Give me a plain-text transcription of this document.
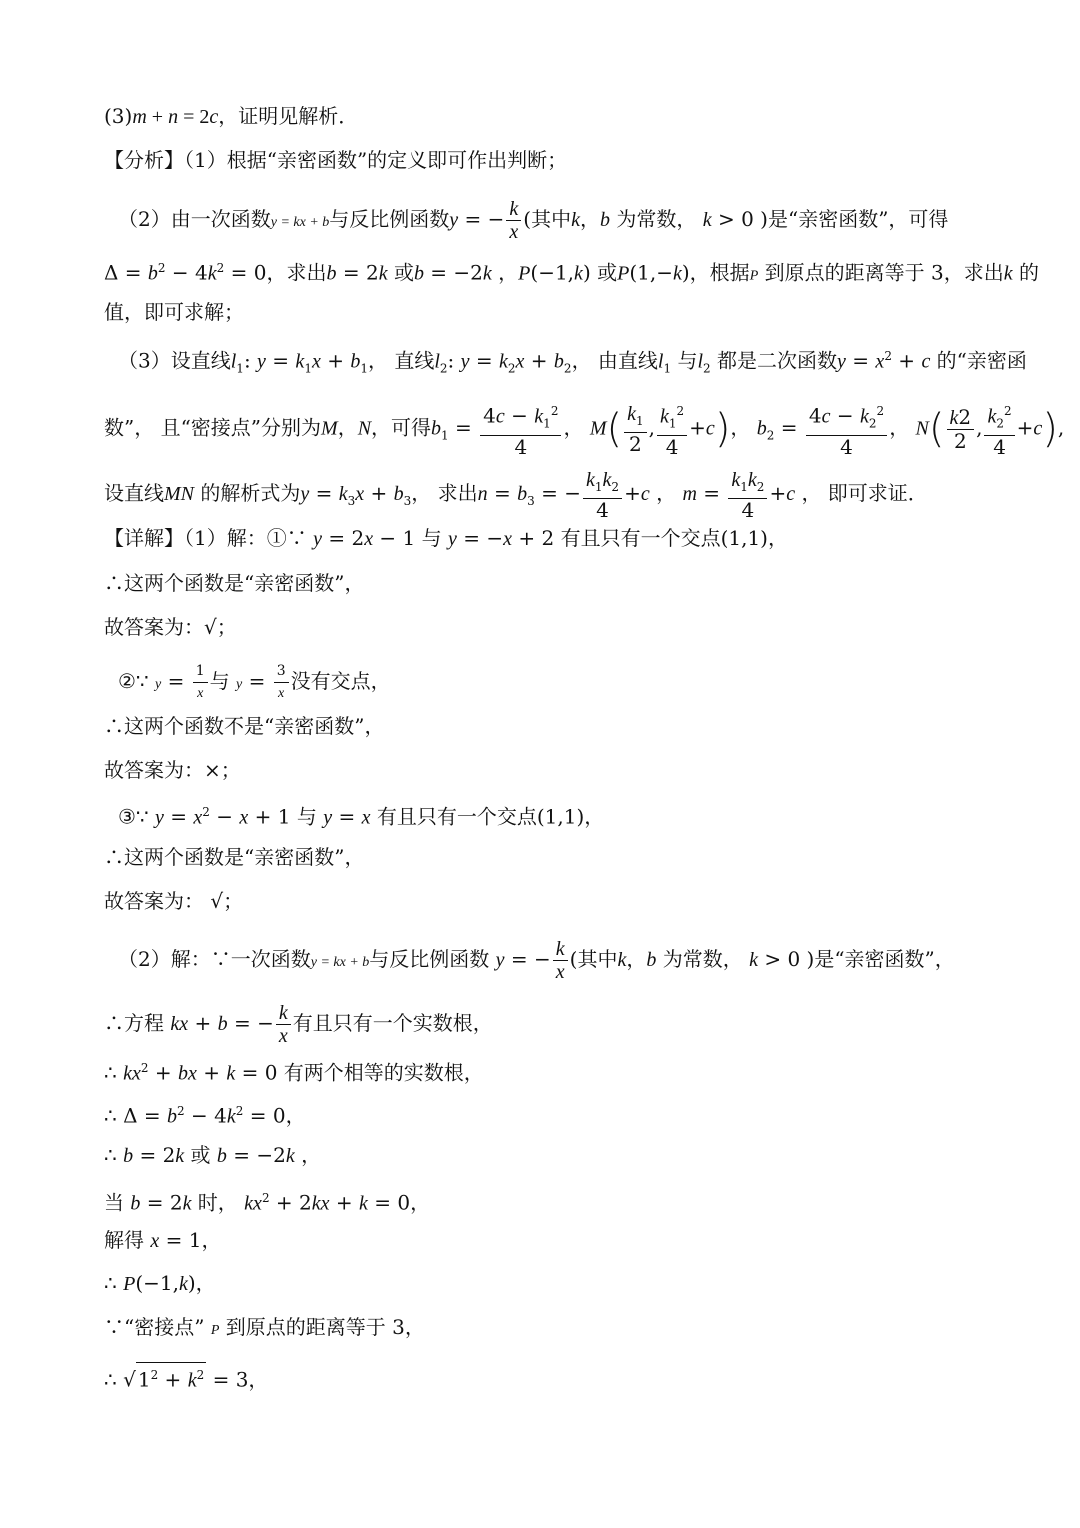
(3)m + n = 2c，证明见解析．
【分析】（1）根据“亲密函数”的定义即可作出判断；
（2）由一次函数y = kx + b与反比例函数y = − $\frac{k}{x}$ (其中k，b 为常数， k > 0 )是“亲密函数”，可得
$\Delta = b^2 - 4k^2 = 0$，求出b = 2k 或b = −2k ，P(−1,k) 或P(1,−k)，根据P 到原点的距离等于 3，求出k 的
值，即可求解；
（3）设直线$l_1$: $y = k_1x + b_1$， 直线$l_2$: $y = k_2x + b_2$， 由直线$l_1$ 与$l_2$ 都是二次函数$y = x^2 + c$ 的“亲密函
数”， 且“密接点”分别为M，N，可得$b_1 = \frac{4c - k_1^2}{4}$ ， $M( \frac{k_1}{2}$ , $\frac{k_1^2}{4} +c$)， $b_2 = \frac{4c - k_2^2}{4}$ ， $N( \frac{k2}{2}$ , $\frac{k_2^2}{4} +c$),
设直线MN 的解析式为$y = k_3x + b_3$， 求出$n = b_3$ = − $\frac{k_1k_2}{4} +c$ ， $m = \frac{k_1k_2}{4} +c$ ， 即可求证．
【详解】（1）解：①∵ y = 2x − 1 与 y = −x + 2 有且只有一个交点(1,1)，
∴这两个函数是“亲密函数”，
故答案为：√；
②∵ $y = \frac{1}{x}$ 与 $y = \frac{3}{x}$ 没有交点，
∴这两个函数不是“亲密函数”，
故答案为：×；
③∵ $y = x^2 - x + 1$ 与 y = x 有且只有一个交点(1,1)，
∴这两个函数是“亲密函数”，
故答案为： √；
（2）解：∵一次函数y = kx + b与反比例函数 y = − $\frac{k}{x}$ (其中k，b 为常数， k > 0 )是“亲密函数”，
∴方程 kx + b = − $\frac{k}{x}$ 有且只有一个实数根，
∴ $kx^2$ + bx + k = 0 有两个相等的实数根，
∴ $\Delta = b^2 - 4k^2 = 0$，
∴ b = 2k 或 b = −2k ，
当 b = 2k 时， $kx^2 + 2kx + k = 0$，
解得 x = 1，
∴ P(−1,k)，
∵“密接点” P 到原点的距离等于 3，
∴ √ $1^2 + k^2 = 3$，
